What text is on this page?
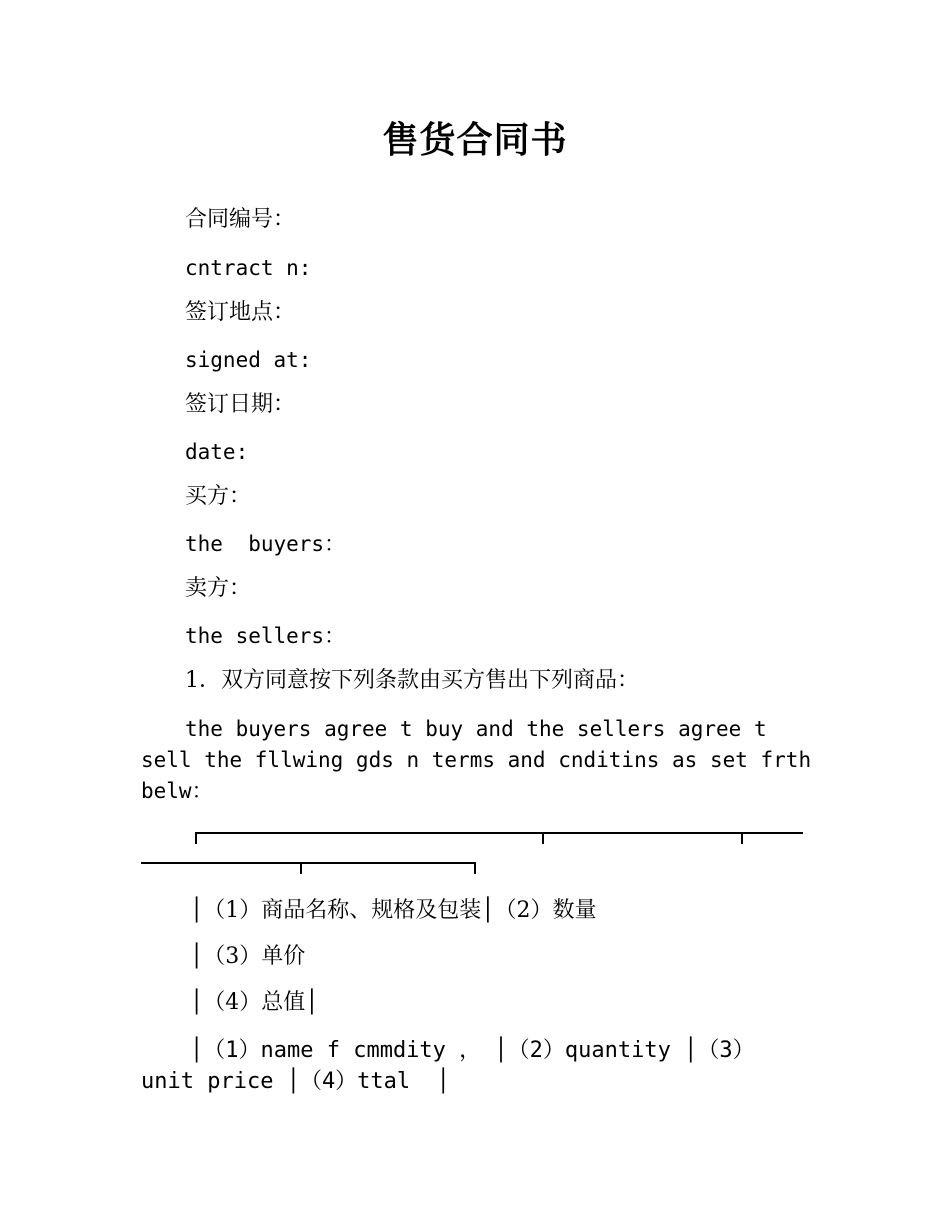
售货合同书
合同编号：
cntract n:
签订地点：
signed at:
签订日期：
date:
买方：
the  buyers：
卖方：
the sellers：
1．双方同意按下列条款由买方售出下列商品：
the buyers agree t buy and the sellers agree t
sell the fllwing gds n terms and cnditins as set frth
belw：
│（1）商品名称、规格及包装│（2）数量
│（3）单价
│（4）总值│
│（1）name f cmmdity ， │（2）quantity │（3）
unit price │（4）ttal  │
